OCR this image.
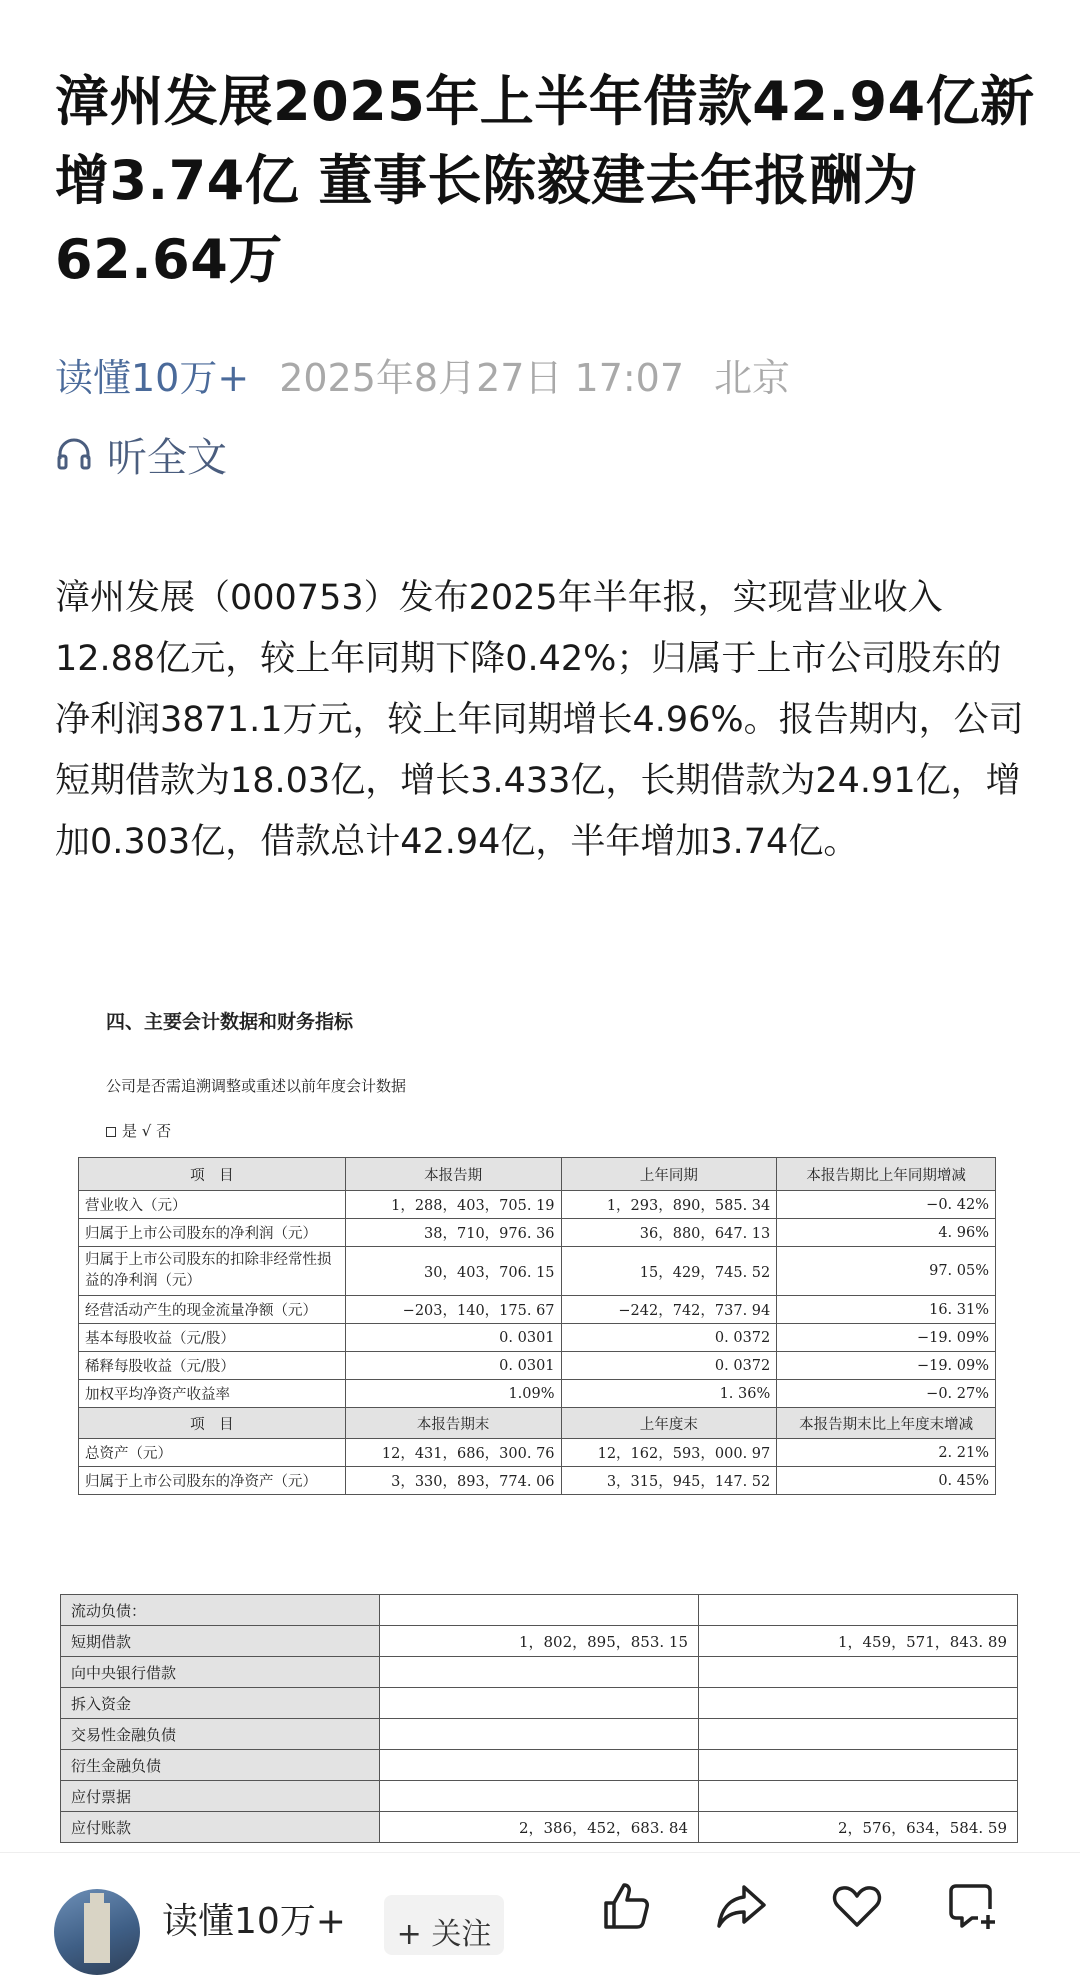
漳州发展2025年上半年借款42.94亿新增3.74亿 董事长陈毅建去年报酬为62.64万
读懂10万+ 2025年8月27日 17:07 北京
听全文

漳州发展（000753）发布2025年半年报，实现营业收入12.88亿元，较上年同期下降0.42%；归属于上市公司股东的净利润3871.1万元，较上年同期增长4.96%。报告期内，公司短期借款为18.03亿，增长3.433亿，长期借款为24.91亿，增加0.303亿，借款总计42.94亿，半年增加3.74亿。

四、主要会计数据和财务指标
公司是否需追溯调整或重述以前年度会计数据
是 √ 否
项　目	本报告期	上年同期	本报告期比上年同期增减
营业收入（元）	1，288，403，705. 19	1，293，890，585. 34	−0. 42%
归属于上市公司股东的净利润（元）	38，710，976. 36	36，880，647. 13	4. 96%
归属于上市公司股东的扣除非经常性损益的净利润（元）	30，403，706. 15	15，429，745. 52	97. 05%
经营活动产生的现金流量净额（元）	−203，140，175. 67	−242，742，737. 94	16. 31%
基本每股收益（元/股）	0. 0301	0. 0372	−19. 09%
稀释每股收益（元/股）	0. 0301	0. 0372	−19. 09%
加权平均净资产收益率	1.09%	1. 36%	−0. 27%
项　目	本报告期末	上年度末	本报告期末比上年度末增减
总资产（元）	12，431，686，300. 76	12，162，593，000. 97	2. 21%
归属于上市公司股东的净资产（元）	3，330，893，774. 06	3，315，945，147. 52	0. 45%
流动负债：		
短期借款	1，802，895，853. 15	1，459，571，843. 89
向中央银行借款		
拆入资金		
交易性金融负债		
衍生金融负债		
应付票据		
应付账款	2，386，452，683. 84	2，576，634，584. 59
读懂10万+	+ 关注
